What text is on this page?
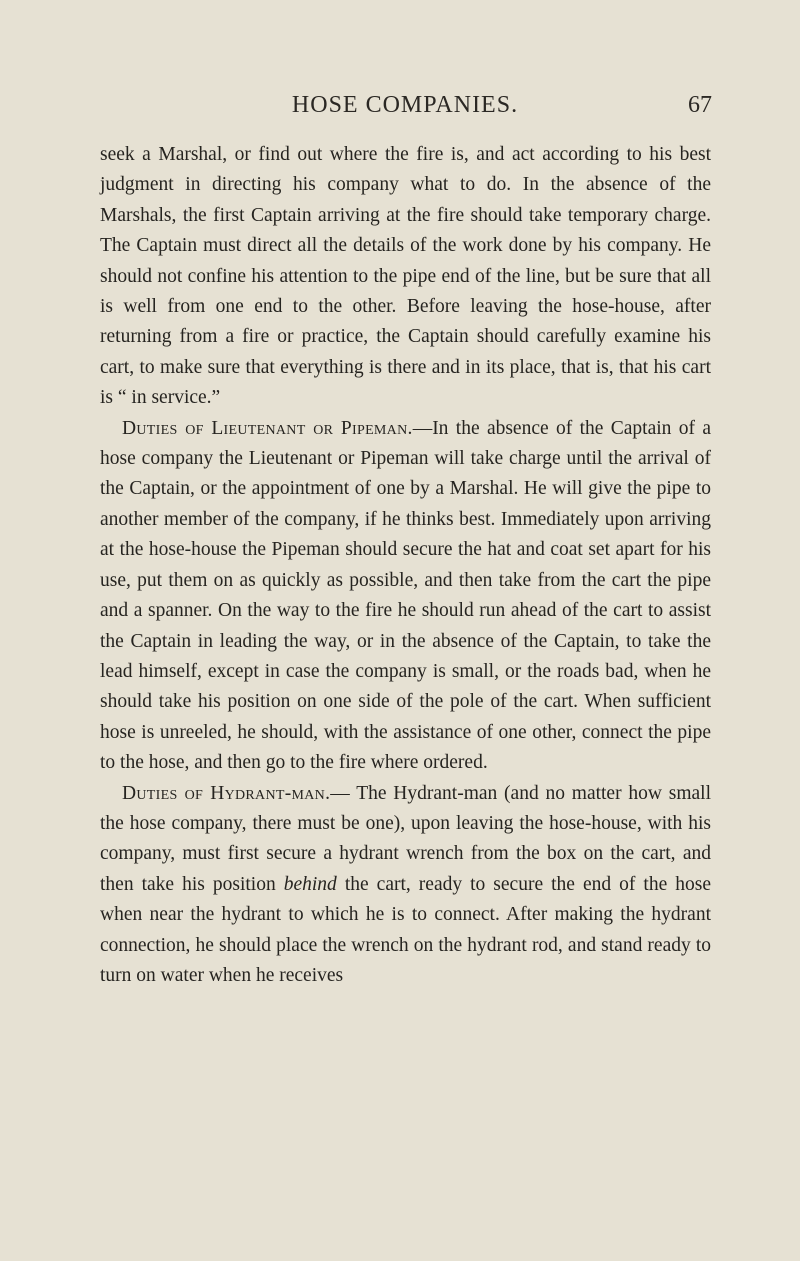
HOSE COMPANIES.	67

seek a Marshal, or find out where the fire is, and act according to his best judgment in directing his company what to do. In the absence of the Marshals, the first Captain arriving at the fire should take temporary charge. The Captain must direct all the details of the work done by his company. He should not confine his attention to the pipe end of the line, but be sure that all is well from one end to the other. Before leaving the hose-house, after returning from a fire or practice, the Captain should carefully examine his cart, to make sure that everything is there and in its place, that is, that his cart is “ in service.”

Duties of Lieutenant or Pipeman.—In the absence of the Captain of a hose company the Lieutenant or Pipeman will take charge until the arrival of the Captain, or the appointment of one by a Marshal. He will give the pipe to another member of the company, if he thinks best. Immediately upon arriving at the hose-house the Pipeman should secure the hat and coat set apart for his use, put them on as quickly as possible, and then take from the cart the pipe and a spanner. On the way to the fire he should run ahead of the cart to assist the Captain in leading the way, or in the absence of the Captain, to take the lead himself, except in case the company is small, or the roads bad, when he should take his position on one side of the pole of the cart. When sufficient hose is unreeled, he should, with the assistance of one other, connect the pipe to the hose, and then go to the fire where ordered.

Duties of Hydrant-man.— The Hydrant-man (and no matter how small the hose company, there must be one), upon leaving the hose-house, with his company, must first secure a hydrant wrench from the box on the cart, and then take his position behind the cart, ready to secure the end of the hose when near the hydrant to which he is to connect. After making the hydrant connection, he should place the wrench on the hydrant rod, and stand ready to turn on water when he receives
